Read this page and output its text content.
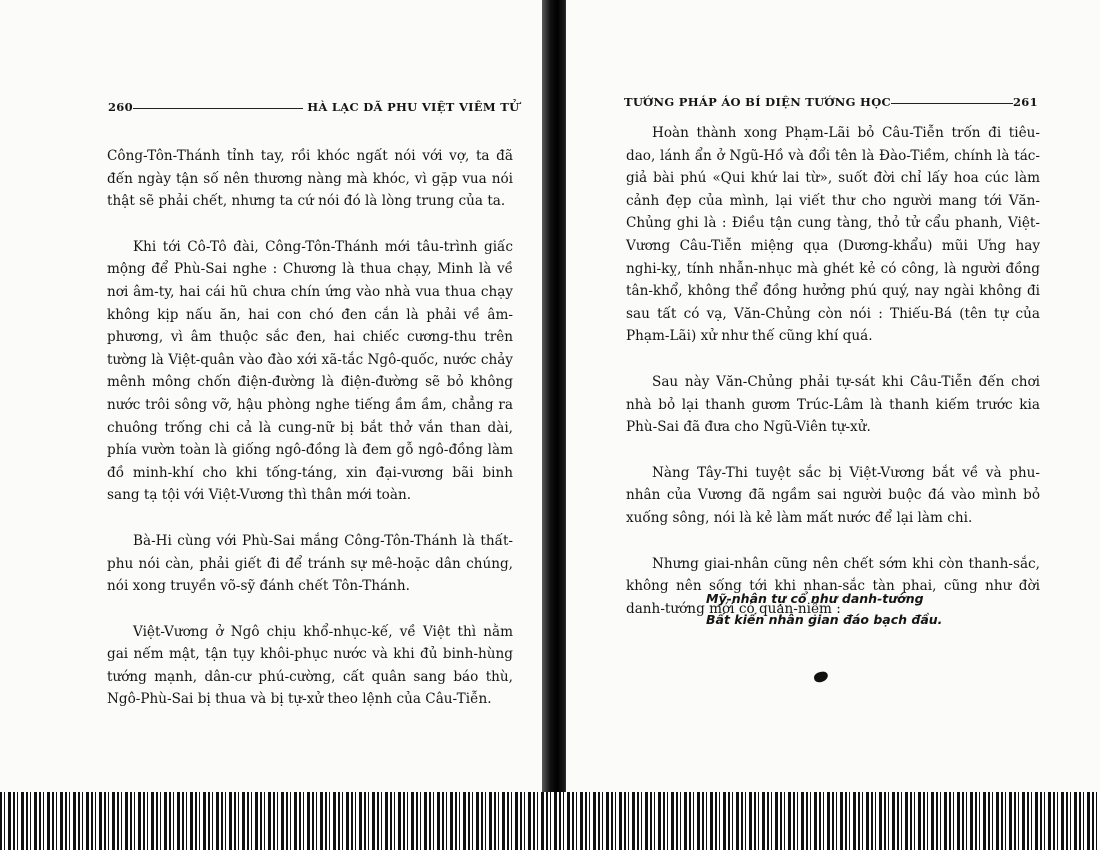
260	HÀ LẠC DÃ PHU VIỆT VIÊM TỬ

Công-Tôn-Thánh tỉnh tay, rồi khóc ngất nói với vợ, ta đã đến ngày tận số nên thương nàng mà khóc, vì gặp vua nói thật sẽ phải chết, nhưng ta cứ nói đó là lòng trung của ta.

Khi tới Cô-Tô đài, Công-Tôn-Thánh mới tâu-trình giấc mộng để Phù-Sai nghe : Chương là thua chạy, Minh là về nơi âm-ty, hai cái hũ chưa chín ứng vào nhà vua thua chạy không kịp nấu ăn, hai con chó đen cắn là phải về âm-phương, vì âm thuộc sắc đen, hai chiếc cương-thu trên tường là Việt-quân vào đào xới xã-tắc Ngô-quốc, nước chảy mênh mông chốn điện-đường là điện-đường sẽ bỏ không nước trôi sông vỡ, hậu phòng nghe tiếng ầm ầm, chẳng ra chuông trống chi cả là cung-nữ bị bắt thở vắn than dài, phía vườn toàn là giống ngô-đồng là đem gỗ ngô-đồng làm đồ minh-khí cho khi tống-táng, xin đại-vương bãi binh sang tạ tội với Việt-Vương thì thân mới toàn.

Bà-Hi cùng với Phù-Sai mắng Công-Tôn-Thánh là thất-phu nói càn, phải giết đi để tránh sự mê-hoặc dân chúng, nói xong truyền võ-sỹ đánh chết Tôn-Thánh.

Việt-Vương ở Ngô chịu khổ-nhục-kế, về Việt thì nằm gai nếm mật, tận tụy khôi-phục nước và khi đủ binh-hùng tướng mạnh, dân-cư phú-cường, cất quân sang báo thù, Ngô-Phù-Sai bị thua và bị tự-xử theo lệnh của Câu-Tiễn.

TƯỚNG PHÁP ÁO BÍ DIỆN TƯỚNG HỌC	261

Hoàn thành xong Phạm-Lãi bỏ Câu-Tiễn trốn đi tiêu-dao, lánh ẩn ở Ngũ-Hồ và đổi tên là Đào-Tiềm, chính là tác-giả bài phú «Qui khứ lai từ», suốt đời chỉ lấy hoa cúc làm cảnh đẹp của mình, lại viết thư cho người mang tới Văn-Chủng ghi là : Điều tận cung tàng, thỏ tử cẩu phanh, Việt-Vương Câu-Tiễn miệng qụa (Dương-khẩu) mũi Ưng hay nghi-kỵ, tính nhẫn-nhục mà ghét kẻ có công, là người đồng tân-khổ, không thể đồng hưởng phú quý, nay ngài không đi sau tất có vạ, Văn-Chủng còn nói : Thiếu-Bá (tên tự của Phạm-Lãi) xử như thế cũng khí quá.

Sau này Văn-Chủng phải tự-sát khi Câu-Tiễn đến chơi nhà bỏ lại thanh gươm Trúc-Lâm là thanh kiếm trước kia Phù-Sai đã đưa cho Ngũ-Viên tự-xử.

Nàng Tây-Thi tuyệt sắc bị Việt-Vương bắt về và phu-nhân của Vương đã ngầm sai người buộc đá vào mình bỏ xuống sông, nói là kẻ làm mất nước để lại làm chi.

Nhưng giai-nhân cũng nên chết sớm khi còn thanh-sắc, không nên sống tới khi nhan-sắc tàn phai, cũng như đời danh-tướng mới có quan-niệm :

Mỹ-nhân tự cổ như danh-tướng
Bất kiến nhân gian đáo bạch đầu.
